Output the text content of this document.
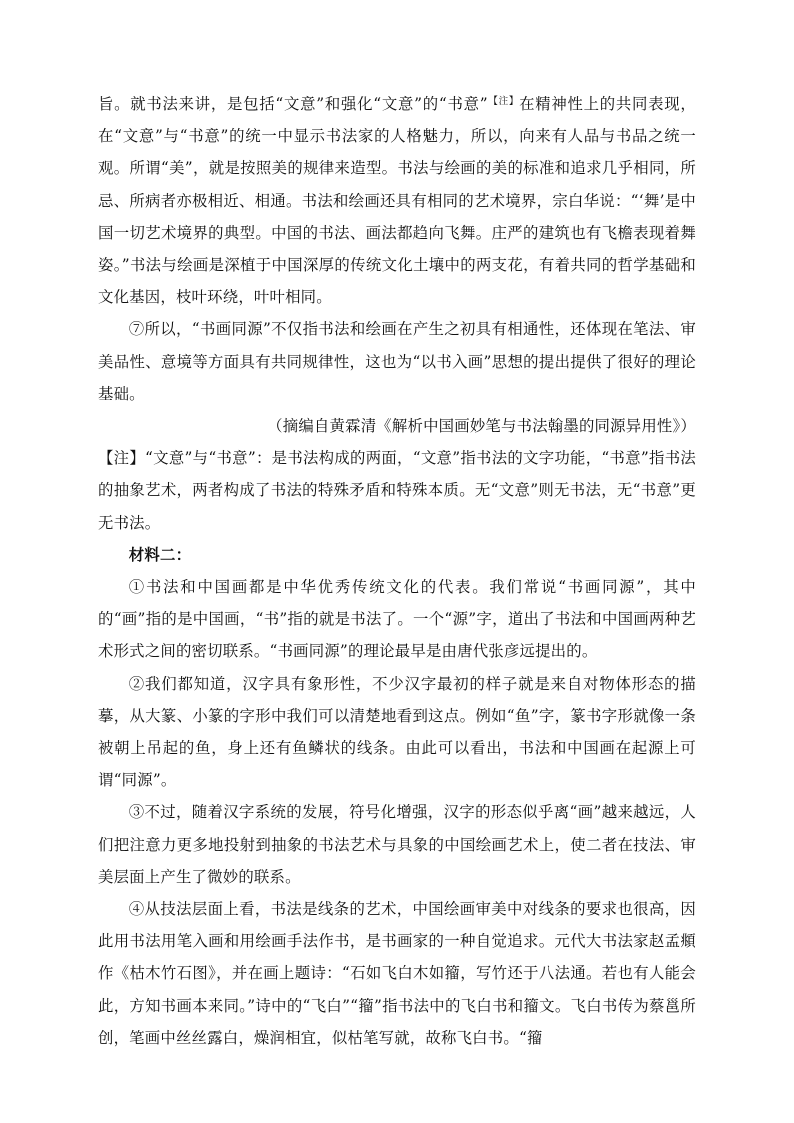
旨。就书法来讲，是包括“文意”和强化“文意”的“书意”$^{【注】}$在精神性上的共同表现，在“文意”与“书意”的统一中显示书法家的人格魅力，所以，向来有人品与书品之统一观。所谓“美”，就是按照美的规律来造型。书法与绘画的美的标准和追求几乎相同，所忌、所病者亦极相近、相通。书法和绘画还具有相同的艺术境界，宗白华说：“‘舞’是中国一切艺术境界的典型。中国的书法、画法都趋向飞舞。庄严的建筑也有飞檐表现着舞姿。”书法与绘画是深植于中国深厚的传统文化土壤中的两支花，有着共同的哲学基础和文化基因，枝叶环绕，叶叶相同。

⑦所以，“书画同源”不仅指书法和绘画在产生之初具有相通性，还体现在笔法、审美品性、意境等方面具有共同规律性，这也为“以书入画”思想的提出提供了很好的理论基础。

（摘编自黄霖清《解析中国画妙笔与书法翰墨的同源异用性》）

【注】“文意”与“书意”：是书法构成的两面，“文意”指书法的文字功能，“书意”指书法的抽象艺术，两者构成了书法的特殊矛盾和特殊本质。无“文意”则无书法，无“书意”更无书法。

材料二：

①书法和中国画都是中华优秀传统文化的代表。我们常说“书画同源”，其中的“画”指的是中国画，“书”指的就是书法了。一个“源”字，道出了书法和中国画两种艺术形式之间的密切联系。“书画同源”的理论最早是由唐代张彦远提出的。

②我们都知道，汉字具有象形性，不少汉字最初的样子就是来自对物体形态的描摹，从大篆、小篆的字形中我们可以清楚地看到这点。例如“鱼”字，篆书字形就像一条被朝上吊起的鱼，身上还有鱼鳞状的线条。由此可以看出，书法和中国画在起源上可谓“同源”。

③不过，随着汉字系统的发展，符号化增强，汉字的形态似乎离“画”越来越远，人们把注意力更多地投射到抽象的书法艺术与具象的中国绘画艺术上，使二者在技法、审美层面上产生了微妙的联系。

④从技法层面上看，书法是线条的艺术，中国绘画审美中对线条的要求也很高，因此用书法用笔入画和用绘画手法作书，是书画家的一种自觉追求。元代大书法家赵孟頫作《枯木竹石图》，并在画上题诗：“石如飞白木如籀，写竹还于八法通。若也有人能会此，方知书画本来同。”诗中的“飞白”“籀”指书法中的飞白书和籀文。飞白书传为蔡邕所创，笔画中丝丝露白，燥润相宜，似枯笔写就，故称飞白书。“籀
